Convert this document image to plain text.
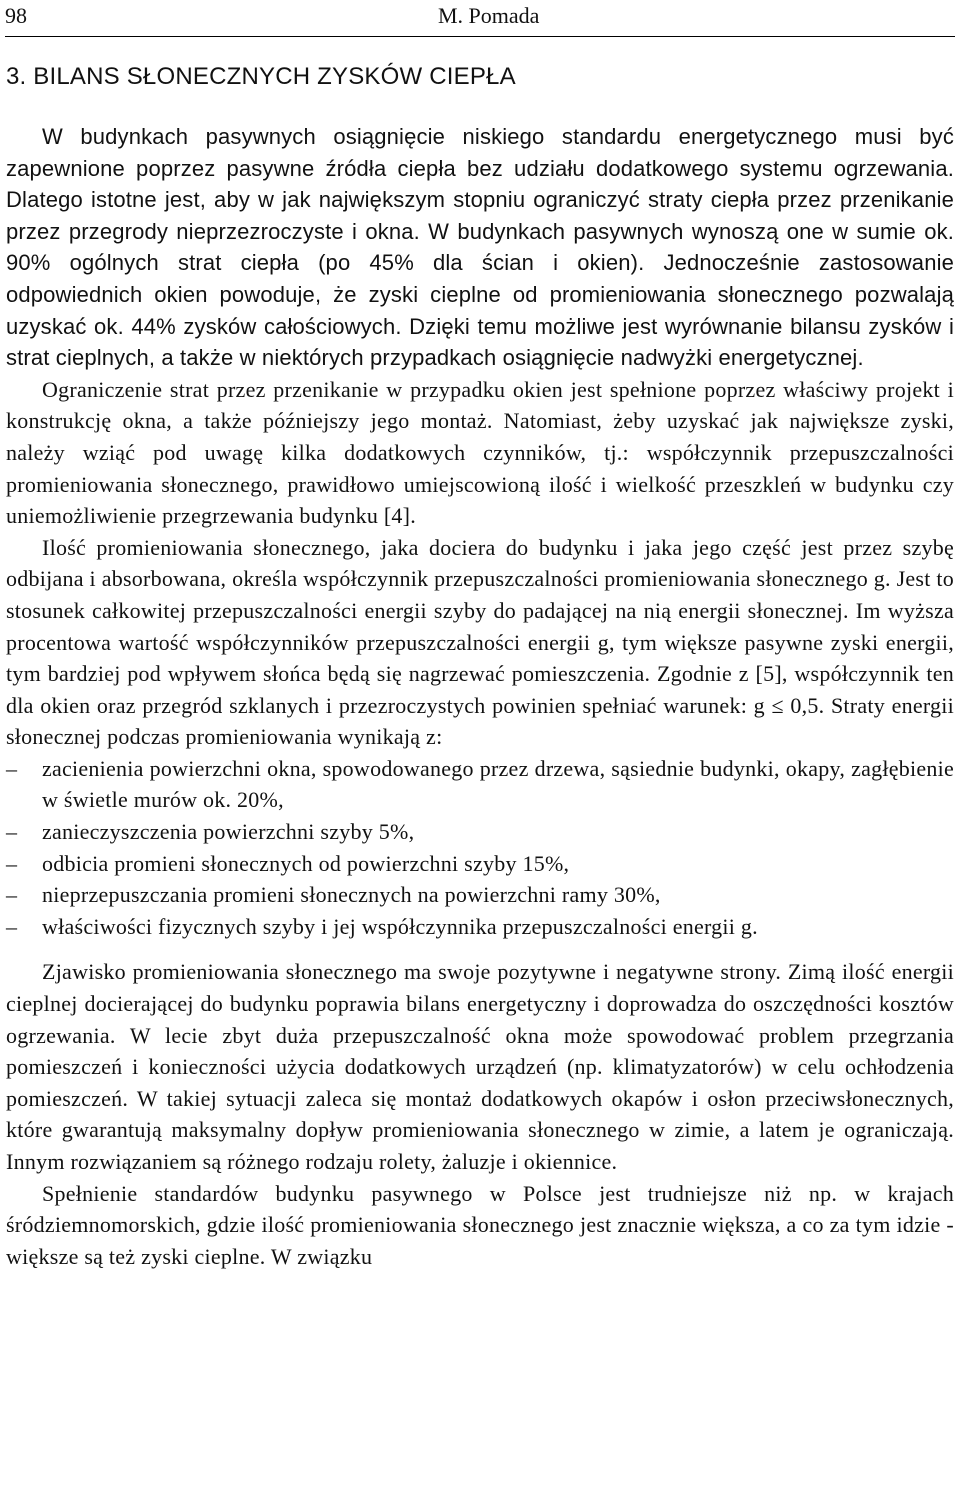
98	M. Pomada
3. BILANS SŁONECZNYCH ZYSKÓW CIEPŁA

W budynkach pasywnych osiągnięcie niskiego standardu energetycznego musi być zapewnione poprzez pasywne źródła ciepła bez udziału dodatkowego systemu ogrzewania. Dlatego istotne jest, aby w jak największym stopniu ograniczyć straty ciepła przez przenikanie przez przegrody nieprzezroczyste i okna. W budynkach pasywnych wynoszą one w sumie ok. 90% ogólnych strat ciepła (po 45% dla ścian i okien). Jednocześnie zastosowanie odpowiednich okien powoduje, że zyski cieplne od promieniowania słonecznego pozwalają uzyskać ok. 44% zysków całościowych. Dzięki temu możliwe jest wyrównanie bilansu zysków i strat cieplnych, a także w niektórych przypadkach osiągnięcie nadwyżki energetycznej.

Ograniczenie strat przez przenikanie w przypadku okien jest spełnione poprzez właściwy projekt i konstrukcję okna, a także późniejszy jego montaż. Natomiast, żeby uzyskać jak największe zyski, należy wziąć pod uwagę kilka dodatkowych czynników, tj.: współczynnik przepuszczalności promieniowania słonecznego, prawidłowo umiejscowioną ilość i wielkość przeszkleń w budynku czy uniemożliwienie przegrzewania budynku [4].

Ilość promieniowania słonecznego, jaka dociera do budynku i jaka jego część jest przez szybę odbijana i absorbowana, określa współczynnik przepuszczalności promieniowania słonecznego g. Jest to stosunek całkowitej przepuszczalności energii szyby do padającej na nią energii słonecznej. Im wyższa procentowa wartość współczynników przepuszczalności energii g, tym większe pasywne zyski energii, tym bardziej pod wpływem słońca będą się nagrzewać pomieszczenia. Zgodnie z [5], współczynnik ten dla okien oraz przegród szklanych i przezroczystych powinien spełniać warunek: g ≤ 0,5. Straty energii słonecznej podczas promieniowania wynikają z:

– zacienienia powierzchni okna, spowodowanego przez drzewa, sąsiednie budynki, okapy, zagłębienie w świetle murów ok. 20%,
– zanieczyszczenia powierzchni szyby 5%,
– odbicia promieni słonecznych od powierzchni szyby 15%,
– nieprzepuszczania promieni słonecznych na powierzchni ramy 30%,
– właściwości fizycznych szyby i jej współczynnika przepuszczalności energii g.

Zjawisko promieniowania słonecznego ma swoje pozytywne i negatywne strony. Zimą ilość energii cieplnej docierającej do budynku poprawia bilans energetyczny i doprowadza do oszczędności kosztów ogrzewania. W lecie zbyt duża przepuszczalność okna może spowodować problem przegrzania pomieszczeń i konieczności użycia dodatkowych urządzeń (np. klimatyzatorów) w celu ochłodzenia pomieszczeń. W takiej sytuacji zaleca się montaż dodatkowych okapów i osłon przeciwsłonecznych, które gwarantują maksymalny dopływ promieniowania słonecznego w zimie, a latem je ograniczają. Innym rozwiązaniem są różnego rodzaju rolety, żaluzje i okiennice.

Spełnienie standardów budynku pasywnego w Polsce jest trudniejsze niż np. w krajach śródziemnomorskich, gdzie ilość promieniowania słonecznego jest znacznie większa, a co za tym idzie - większe są też zyski cieplne. W związku
